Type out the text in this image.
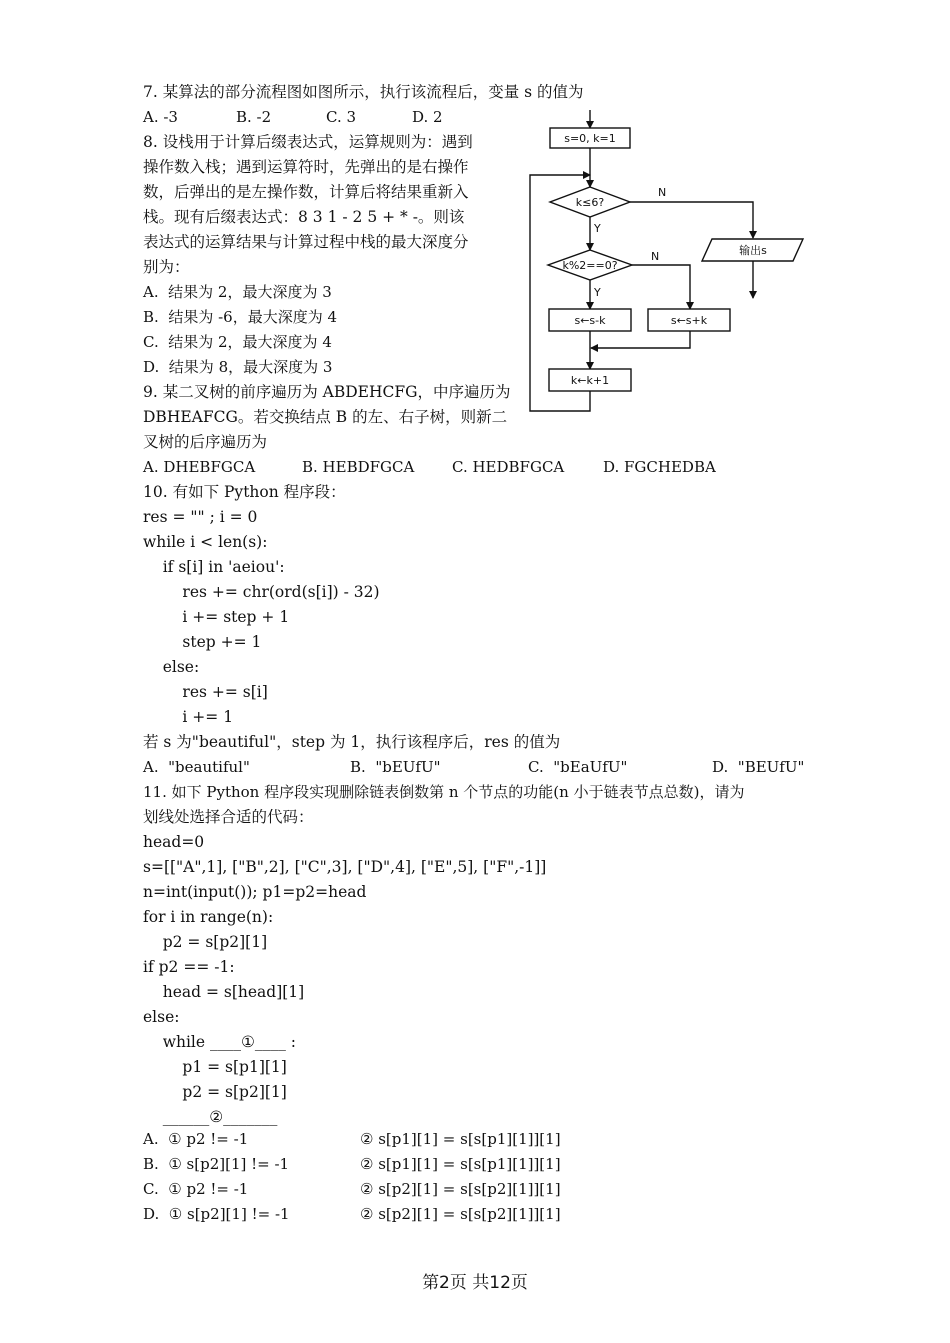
7. 某算法的部分流程图如图所示，执行该流程后，变量 s 的值为
A. -3	B. -2	C. 3	D. 2
8. 设栈用于计算后缀表达式，运算规则为：遇到
操作数入栈；遇到运算符时，先弹出的是右操作
数，后弹出的是左操作数，计算后将结果重新入
栈。现有后缀表达式：8 3 1 - 2 5 + * -。则该
表达式的运算结果与计算过程中栈的最大深度分
别为：
A.  结果为 2，最大深度为 3
B.  结果为 -6，最大深度为 4
C.  结果为 2，最大深度为 4
D.  结果为 8，最大深度为 3
s=0, k=1
k≤6?
N
输出s
Y
k%2==0?
N
Y
s←s-k	s←s+k
k←k+1
9. 某二叉树的前序遍历为 ABDEHCFG，中序遍历为
DBHEAFCG。若交换结点 B 的左、右子树，则新二
叉树的后序遍历为
A. DHEBFGCA	B. HEBDFGCA	C. HEDBFGCA	D. FGCHEDBA
10. 有如下 Python 程序段：
res = "" ; i = 0
while i < len(s):
if s[i] in 'aeiou':
res += chr(ord(s[i]) - 32)
i += step + 1
step += 1
else:
res += s[i]
i += 1
若 s 为"beautiful"，step 为 1，执行该程序后，res 的值为
A.  "beautiful"	B.  "bEUfU"	C.  "bEaUfU"	D.  "BEUfU"
11. 如下 Python 程序段实现删除链表倒数第 n 个节点的功能(n 小于链表节点总数)，请为
划线处选择合适的代码：
head=0
s=[["A",1], ["B",2], ["C",3], ["D",4], ["E",5], ["F",-1]]
n=int(input()); p1=p2=head
for i in range(n):
p2 = s[p2][1]
if p2 == -1:
head = s[head][1]
else:
while ____①____ :
p1 = s[p1][1]
p2 = s[p2][1]
______②_______
A.  ① p2 != -1	② s[p1][1] = s[s[p1][1]][1]
B.  ① s[p2][1] != -1	② s[p1][1] = s[s[p1][1]][1]
C.  ① p2 != -1	② s[p2][1] = s[s[p2][1]][1]
D.  ① s[p2][1] != -1	② s[p2][1] = s[s[p2][1]][1]
第2页 共12页
